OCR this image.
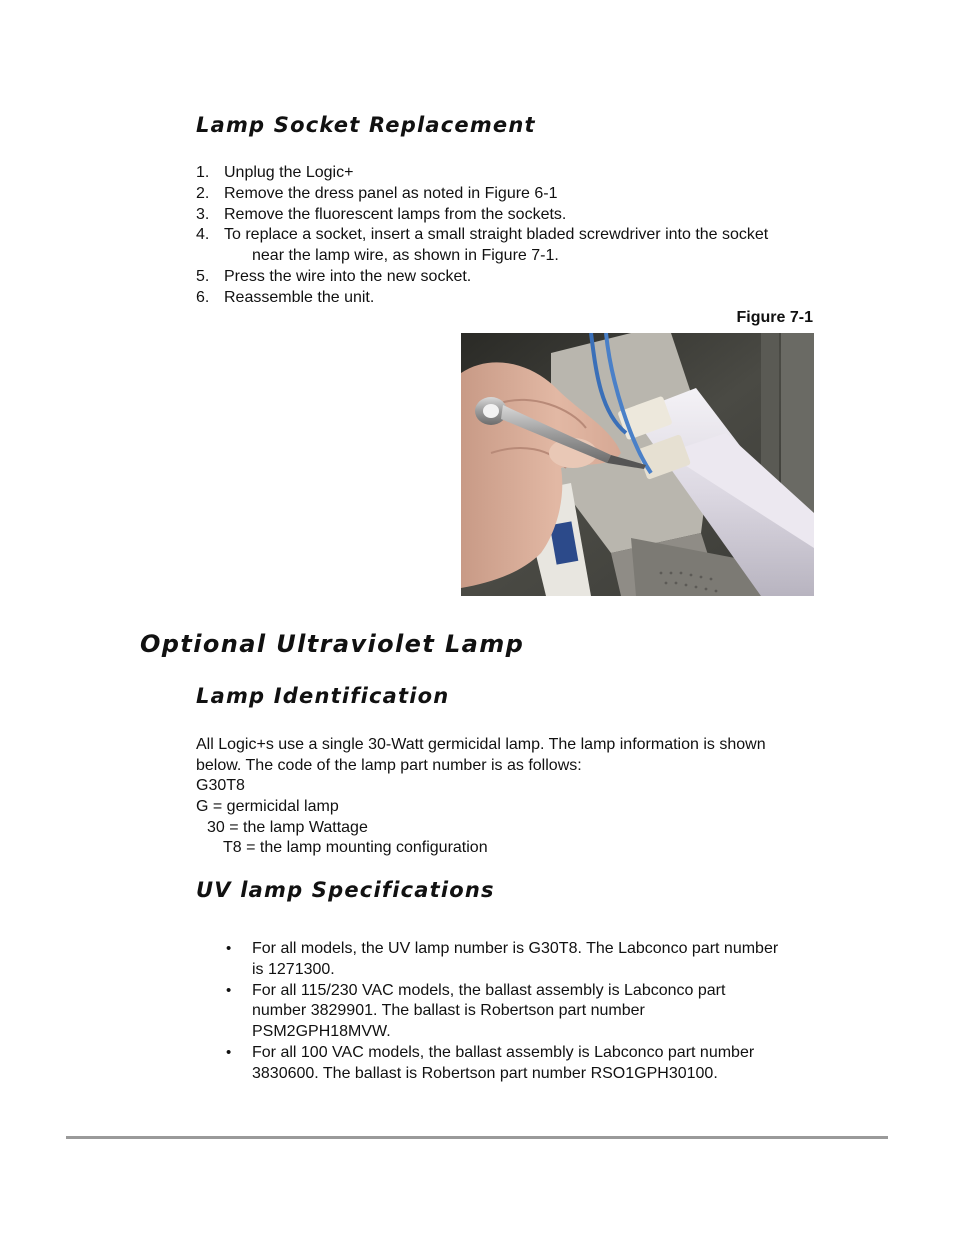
Lamp Socket Replacement
1. Unplug the Logic+
2. Remove the dress panel as noted in Figure 6-1
3. Remove the fluorescent lamps from the sockets.
4. To replace a socket, insert a small straight bladed screwdriver into the socket
near the lamp wire, as shown in Figure 7-1.
5. Press the wire into the new socket.
6. Reassemble the unit.
Figure 7-1
Optional Ultraviolet Lamp
Lamp Identification
All Logic+s use a single 30-Watt germicidal lamp. The lamp information is shown
below. The code of the lamp part number is as follows:
G30T8
G = germicidal lamp
30 = the lamp Wattage
T8 = the lamp mounting configuration
UV lamp Specifications
• For all models, the UV lamp number is G30T8. The Labconco part number
is 1271300.
• For all 115/230 VAC models, the ballast assembly is Labconco part
number 3829901. The ballast is Robertson part number
PSM2GPH18MVW.
• For all 100 VAC models, the ballast assembly is Labconco part number
3830600. The ballast is Robertson part number RSO1GPH30100.
